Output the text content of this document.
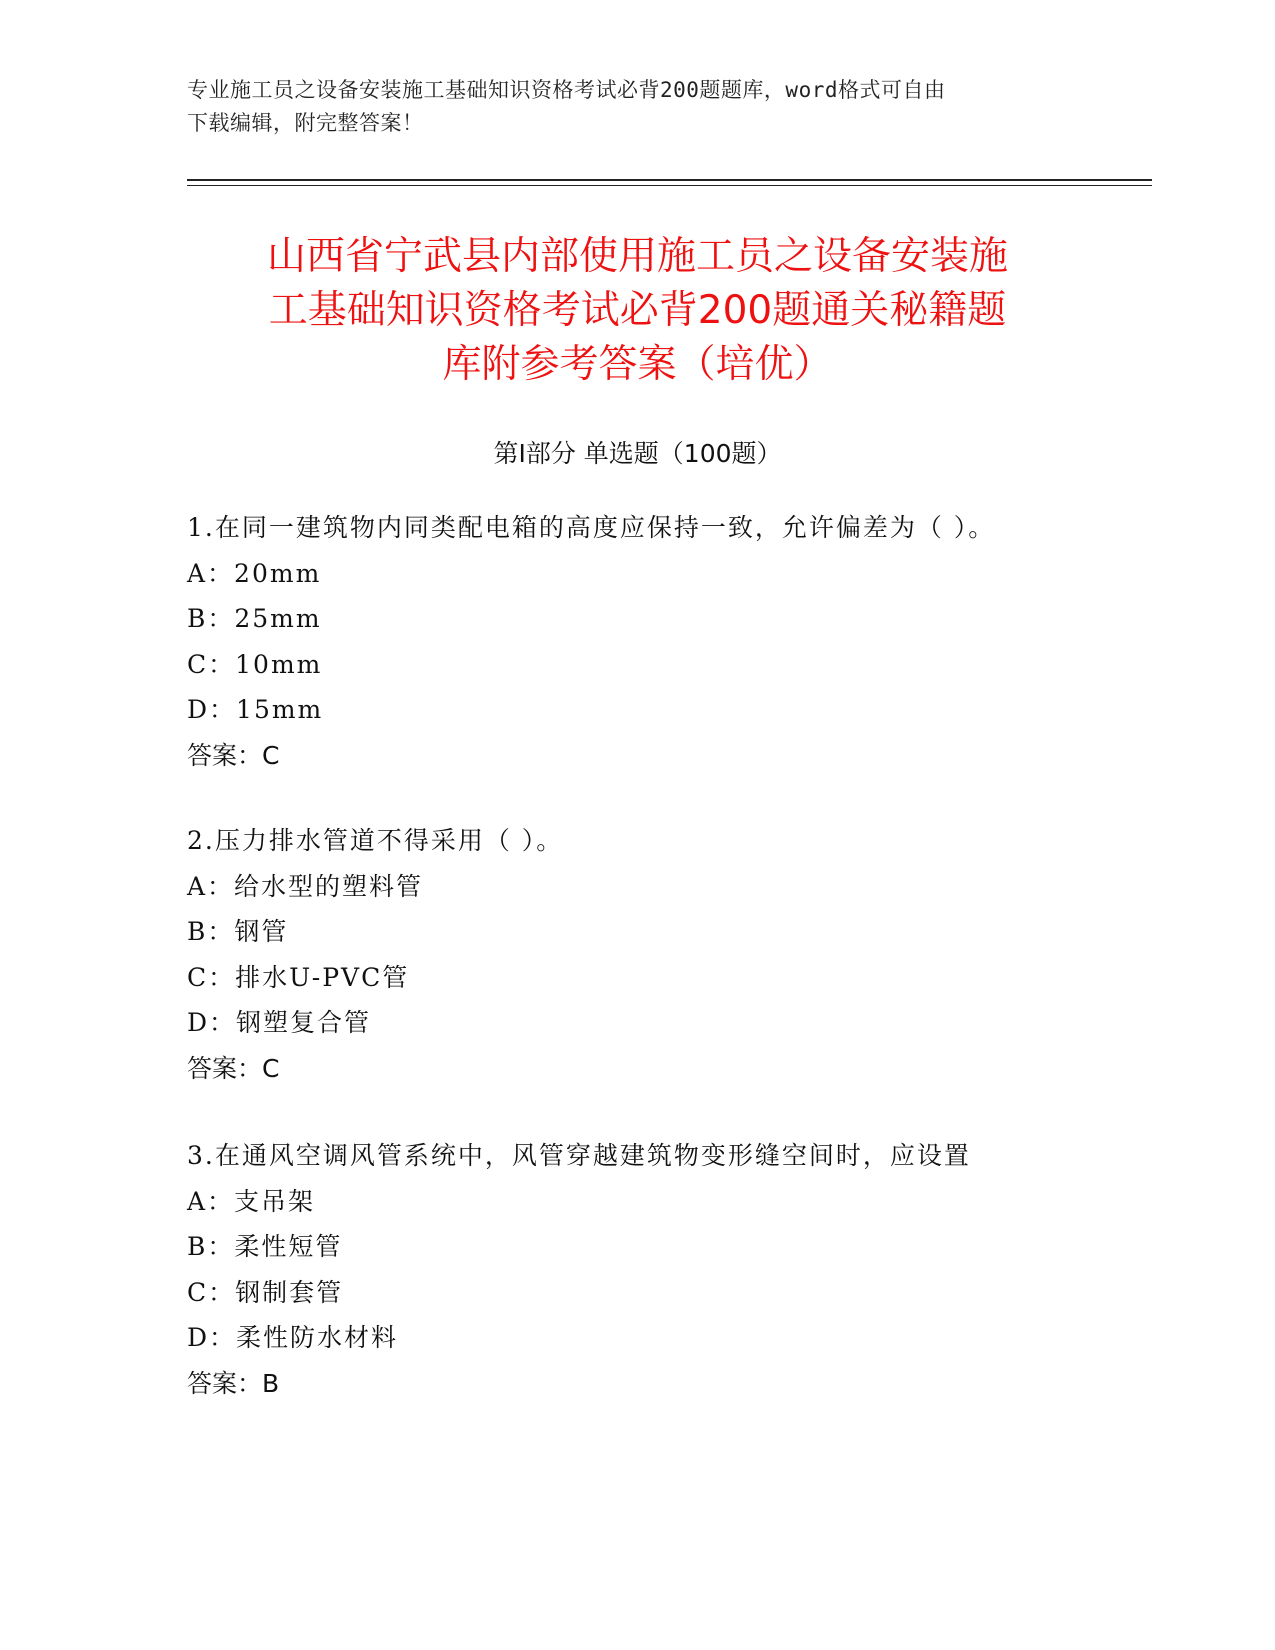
专业施工员之设备安装施工基础知识资格考试必背200题题库，word格式可自由
下载编辑，附完整答案！
山西省宁武县内部使用施工员之设备安装施
工基础知识资格考试必背200题通关秘籍题
库附参考答案（培优）
第Ⅰ部分 单选题（100题）
1.在同一建筑物内同类配电箱的高度应保持一致，允许偏差为（ ）。
A：20mm
B：25mm
C：10mm
D：15mm
答案：C
2.压力排水管道不得采用（ ）。
A：给水型的塑料管
B：钢管
C：排水U-PVC管
D：钢塑复合管
答案：C
3.在通风空调风管系统中，风管穿越建筑物变形缝空间时，应设置
A：支吊架
B：柔性短管
C：钢制套管
D：柔性防水材料
答案：B
